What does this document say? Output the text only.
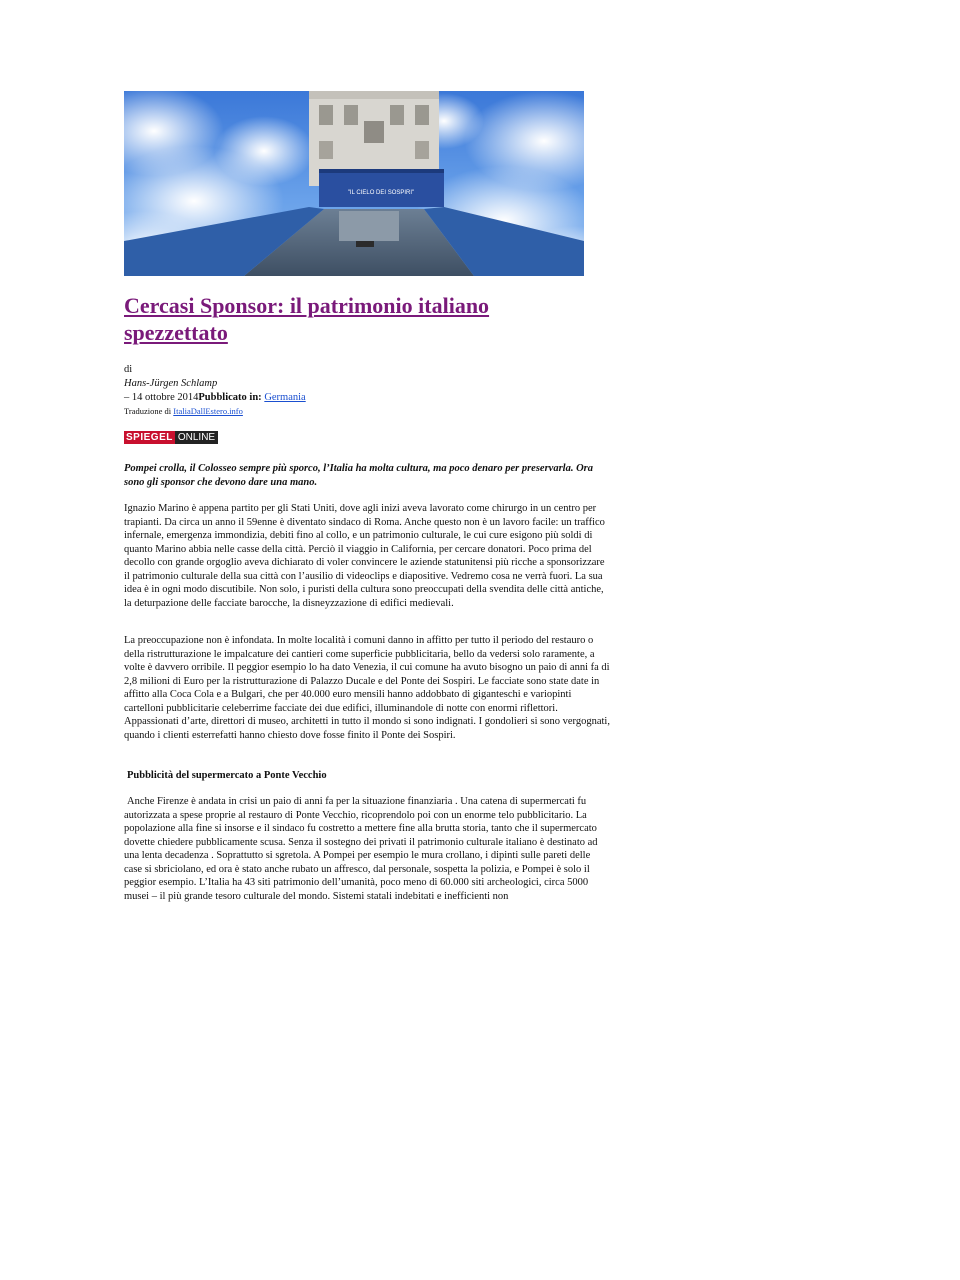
"IL CIELO DEI SOSPIRI"
Cercasi Sponsor: il patrimonio italiano spezzettato
di
Hans-Jürgen Schlamp
– 14 ottobre 2014Pubblicato in: Germania
Traduzione di ItaliaDallEstero.info
SPIEGEL ONLINE

Pompei crolla, il Colosseo sempre più sporco, l’Italia ha molta cultura, ma poco denaro per preservarla. Ora sono gli sponsor che devono dare una mano.

Ignazio Marino è appena partito per gli Stati Uniti, dove agli inizi aveva lavorato come chirurgo in un centro per trapianti. Da circa un anno il 59enne è diventato sindaco di Roma. Anche questo non è un lavoro facile: un traffico infernale, emergenza immondizia, debiti fino al collo, e un patrimonio culturale, le cui cure esigono più soldi di quanto Marino abbia nelle casse della città. Perciò il viaggio in California, per cercare donatori. Poco prima del decollo con grande orgoglio aveva dichiarato di voler convincere le aziende statunitensi più ricche a sponsorizzare il patrimonio culturale della sua città con l’ausilio di videoclips e diapositive. Vedremo cosa ne verrà fuori. La sua idea è in ogni modo discutibile. Non solo, i puristi della cultura sono preoccupati della svendita delle città antiche, la deturpazione delle facciate barocche, la disneyzzazione di edifici medievali.

La preoccupazione non è infondata. In molte località i comuni danno in affitto per tutto il periodo del restauro o della ristrutturazione le impalcature dei cantieri come superficie pubblicitaria, bello da vedersi solo raramente, a volte è davvero orribile. Il peggior esempio lo ha dato Venezia, il cui comune ha avuto bisogno un paio di anni fa di 2,8 milioni di Euro per la ristrutturazione di Palazzo Ducale e del Ponte dei Sospiri. Le facciate sono state date in affitto alla Coca Cola e a Bulgari, che per 40.000 euro mensili hanno addobbato di giganteschi e variopinti cartelloni pubblicitarie celeberrime facciate dei due edifici, illuminandole di notte con enormi riflettori. Appassionati d’arte, direttori di museo, architetti in tutto il mondo si sono indignati. I gondolieri si sono vergognati, quando i clienti esterrefatti hanno chiesto dove fosse finito il Ponte dei Sospiri.

Pubblicità del supermercato a Ponte Vecchio

Anche Firenze è andata in crisi un paio di anni fa per la situazione finanziaria . Una catena di supermercati fu autorizzata a spese proprie al restauro di Ponte Vecchio, ricoprendolo poi con un enorme telo pubblicitario. La popolazione alla fine si insorse e il sindaco fu costretto a mettere fine alla brutta storia, tanto che il supermercato dovette chiedere pubblicamente scusa. Senza il sostegno dei privati il patrimonio culturale italiano è destinato ad una lenta decadenza . Soprattutto si sgretola. A Pompei per esempio le mura crollano, i dipinti sulle pareti delle case si sbriciolano, ed ora è stato anche rubato un affresco, dal personale, sospetta la polizia, e Pompei è solo il peggior esempio. L’Italia ha 43 siti patrimonio dell’umanità, poco meno di 60.000 siti archeologici, circa 5000 musei – il più grande tesoro culturale del mondo. Sistemi statali indebitati e inefficienti non
